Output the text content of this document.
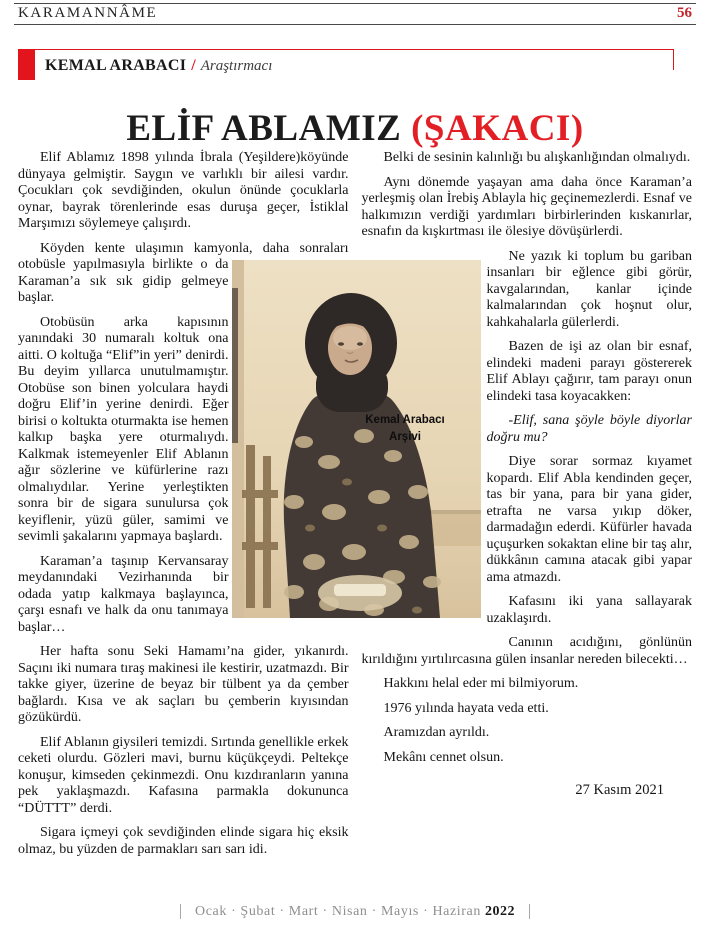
KARAMANNÂME	56
KEMAL ARABACI / Araştırmacı
ELİF ABLAMIZ (ŞAKACI)

Elif Ablamız 1898 yılında İbrala (Yeşildere)köyünde dünyaya gelmiştir. Saygın ve varlıklı bir ailesi vardır. Çocukları çok sevdiğinden, okulun önünde çocuklarla oynar, bayrak törenlerinde esas duruşa geçer, İstiklal Marşımızı söylemeye çalışırdı.

Köyden kente ulaşımın kamyonla, daha sonraları otobüsle yapılmasıyla birlikte o da Karaman’a sık sık gidip gelmeye başlar.

Otobüsün arka kapısının yanındaki 30 numaralı koltuk ona aitti. O koltuğa “Elif”in yeri” denirdi. Bu deyim yıllarca unutulmamıştır. Otobüse son binen yolculara haydi doğru Elif’in yerine denirdi. Eğer birisi o koltukta oturmakta ise hemen kalkıp başka yere oturmalıydı. Kalkmak istemeyenler Elif Ablanın ağır sözlerine ve küfürlerine razı olmalıydılar. Yerine yerleştikten sonra bir de sigara sunulursa çok keyiflenir, yüzü güler, samimi ve sevimli şakalarını yapmaya başlardı.

Karaman’a taşınıp Kervansaray meydanındaki Vezirhanında bir odada yatıp kalkmaya başlayınca, çarşı esnafı ve halk da onu tanımaya başlar…

Her hafta sonu Seki Hamamı’na gider, yıkanırdı. Saçını iki numara tıraş makinesi ile kestirir, uzatmazdı. Bir takke giyer, üzerine de beyaz bir tülbent ya da çember bağlardı. Kısa ve ak saçları bu çemberin kıyısından gözükürdü.

Elif Ablanın giysileri temizdi. Sırtında genellikle erkek ceketi olurdu. Gözleri mavi, burnu küçükçeydi. Peltekçe konuşur, kimseden çekinmezdi. Onu kızdıranların yanına pek yaklaşmazdı. Kafasına parmakla dokununca “DÜTTT” derdi.

Sigara içmeyi çok sevdiğinden elinde sigara hiç eksik olmaz, bu yüzden de parmakları sarı sarı idi.

Belki de sesinin kalınlığı bu alışkanlığından olmalıydı.

Aynı dönemde yaşayan ama daha önce Karaman’a yerleşmiş olan İrebiş Ablayla hiç geçinemezlerdi. Esnaf ve halkımızın verdiği yardımları birbirlerinden kıskanırlar, esnafın da kışkırtması ile ölesiye dövüşürlerdi.

Ne yazık ki toplum bu gariban insanları bir eğlence gibi görür, kavgalarından, kanlar içinde kalmalarından çok hoşnut olur, kahkahalarla gülerlerdi.

Bazen de işi az olan bir esnaf, elindeki madeni parayı göstererek Elif Ablayı çağırır, tam parayı onun elindeki tasa koyacakken:

-Elif, sana şöyle böyle diyorlar doğru mu?

Diye sorar sormaz kıyamet kopardı. Elif Abla kendinden geçer, tas bir yana, para bir yana gider, etrafta ne varsa yıkıp döker, darmadağın ederdi. Küfürler havada uçuşurken sokaktan eline bir taş alır, dükkânın camına atacak gibi yapar ama atmazdı.

Kafasını iki yana sallayarak uzaklaşırdı.

Canının acıdığını, gönlünün kırıldığını yırtılırcasına gülen insanlar nereden bilecekti…

Hakkını helal eder mi bilmiyorum.

1976 yılında hayata veda etti.

Aramızdan ayrıldı.

Mekânı cennet olsun.

27 Kasım 2021
Kemal Arabacı
Arşivi
Ocak · Şubat · Mart · Nisan · Mayıs · Haziran 2022
